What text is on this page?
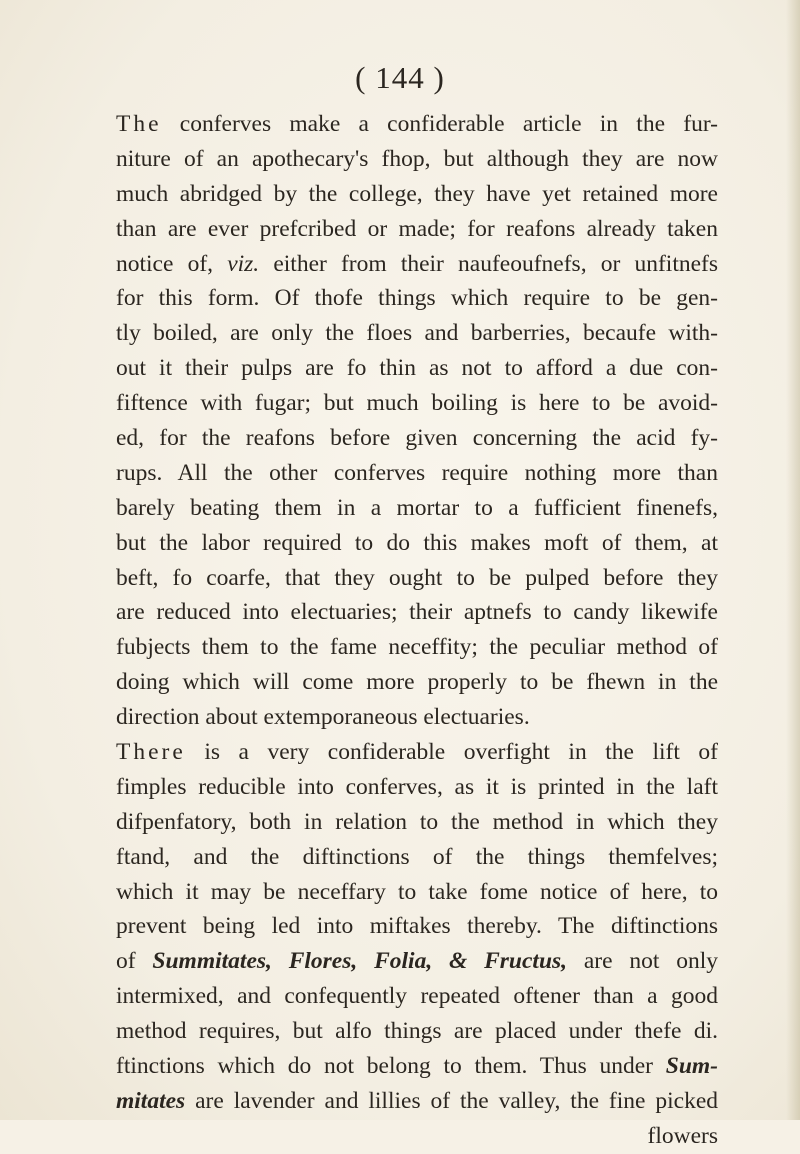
( 144 )
The conferves make a confiderable article in the fur-
niture of an apothecary's fhop, but although they are now
much abridged by the college, they have yet retained more
than are ever prefcribed or made; for reafons already taken
notice of, viz. either from their naufeoufnefs, or unfitnefs
for this form. Of thofe things which require to be gen-
tly boiled, are only the floes and barberries, becaufe with-
out it their pulps are fo thin as not to afford a due con-
fiftence with fugar; but much boiling is here to be avoid-
ed, for the reafons before given concerning the acid fy-
rups. All the other conferves require nothing more than
barely beating them in a mortar to a fufficient finenefs,
but the labor required to do this makes moft of them, at
beft, fo coarfe, that they ought to be pulped before they
are reduced into electuaries; their aptnefs to candy likewife
fubjects them to the fame neceffity; the peculiar method of
doing which will come more properly to be fhewn in the
direction about extemporaneous electuaries.
There is a very confiderable overfight in the lift of
fimples reducible into conferves, as it is printed in the laft
difpenfatory, both in relation to the method in which they
ftand, and the diftinctions of the things themfelves;
which it may be neceffary to take fome notice of here, to
prevent being led into miftakes thereby. The diftinctions
of Summitates, Flores, Folia, & Fructus, are not only
intermixed, and confequently repeated oftener than a good
method requires, but alfo things are placed under thefe di.
ftinctions which do not belong to them. Thus under Sum-
mitates are lavender and lillies of the valley, the fine picked
flowers
